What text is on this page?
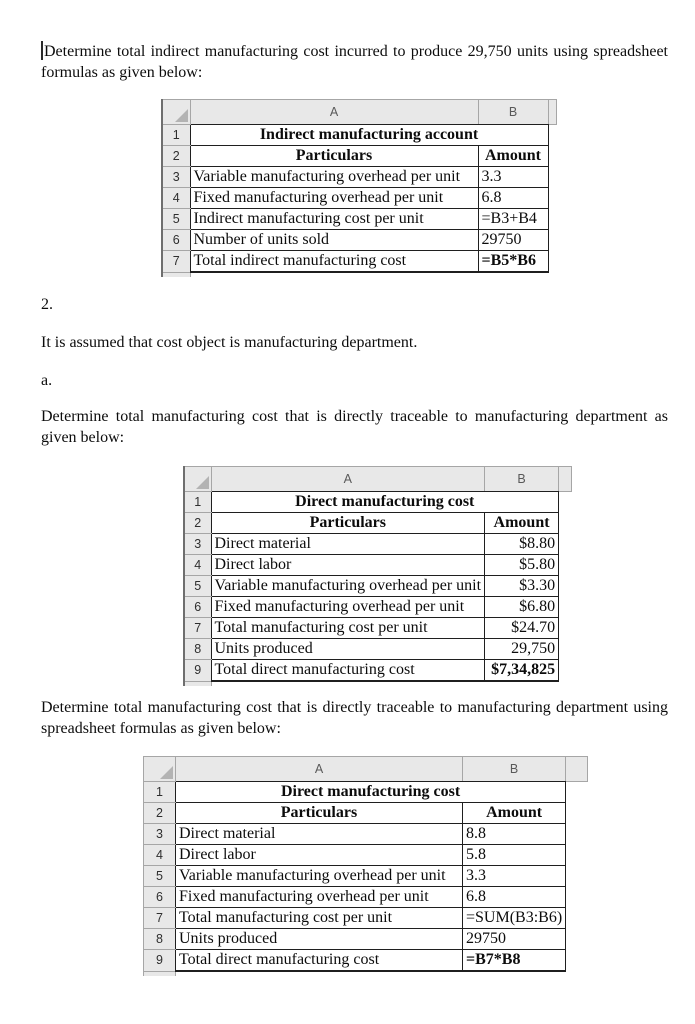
Determine total indirect manufacturing cost incurred to produce 29,750 units using spreadsheet formulas as given below:

	A	B	
1	Indirect manufacturing account		
2	Particulars	Amount	
3	Variable manufacturing overhead per unit	3.3	
4	Fixed manufacturing overhead per unit	6.8	
5	Indirect manufacturing cost per unit	=B3+B4	
6	Number of units sold	29750	
7	Total indirect manufacturing cost	=B5*B6	

2.

It is assumed that cost object is manufacturing department.

a.

Determine total manufacturing cost that is directly traceable to manufacturing department as given below:

	A	B	
1	Direct manufacturing cost		
2	Particulars	Amount	
3	Direct material	$8.80	
4	Direct labor	$5.80	
5	Variable manufacturing overhead per unit	$3.30	
6	Fixed manufacturing overhead per unit	$6.80	
7	Total manufacturing cost per unit	$24.70	
8	Units produced	29,750	
9	Total direct manufacturing cost	$7,34,825	

Determine total manufacturing cost that is directly traceable to manufacturing department using spreadsheet formulas as given below:

	A	B	
1	Direct manufacturing cost		
2	Particulars	Amount	
3	Direct material	8.8	
4	Direct labor	5.8	
5	Variable manufacturing overhead per unit	3.3	
6	Fixed manufacturing overhead per unit	6.8	
7	Total manufacturing cost per unit	=SUM(B3:B6)	
8	Units produced	29750	
9	Total direct manufacturing cost	=B7*B8	
